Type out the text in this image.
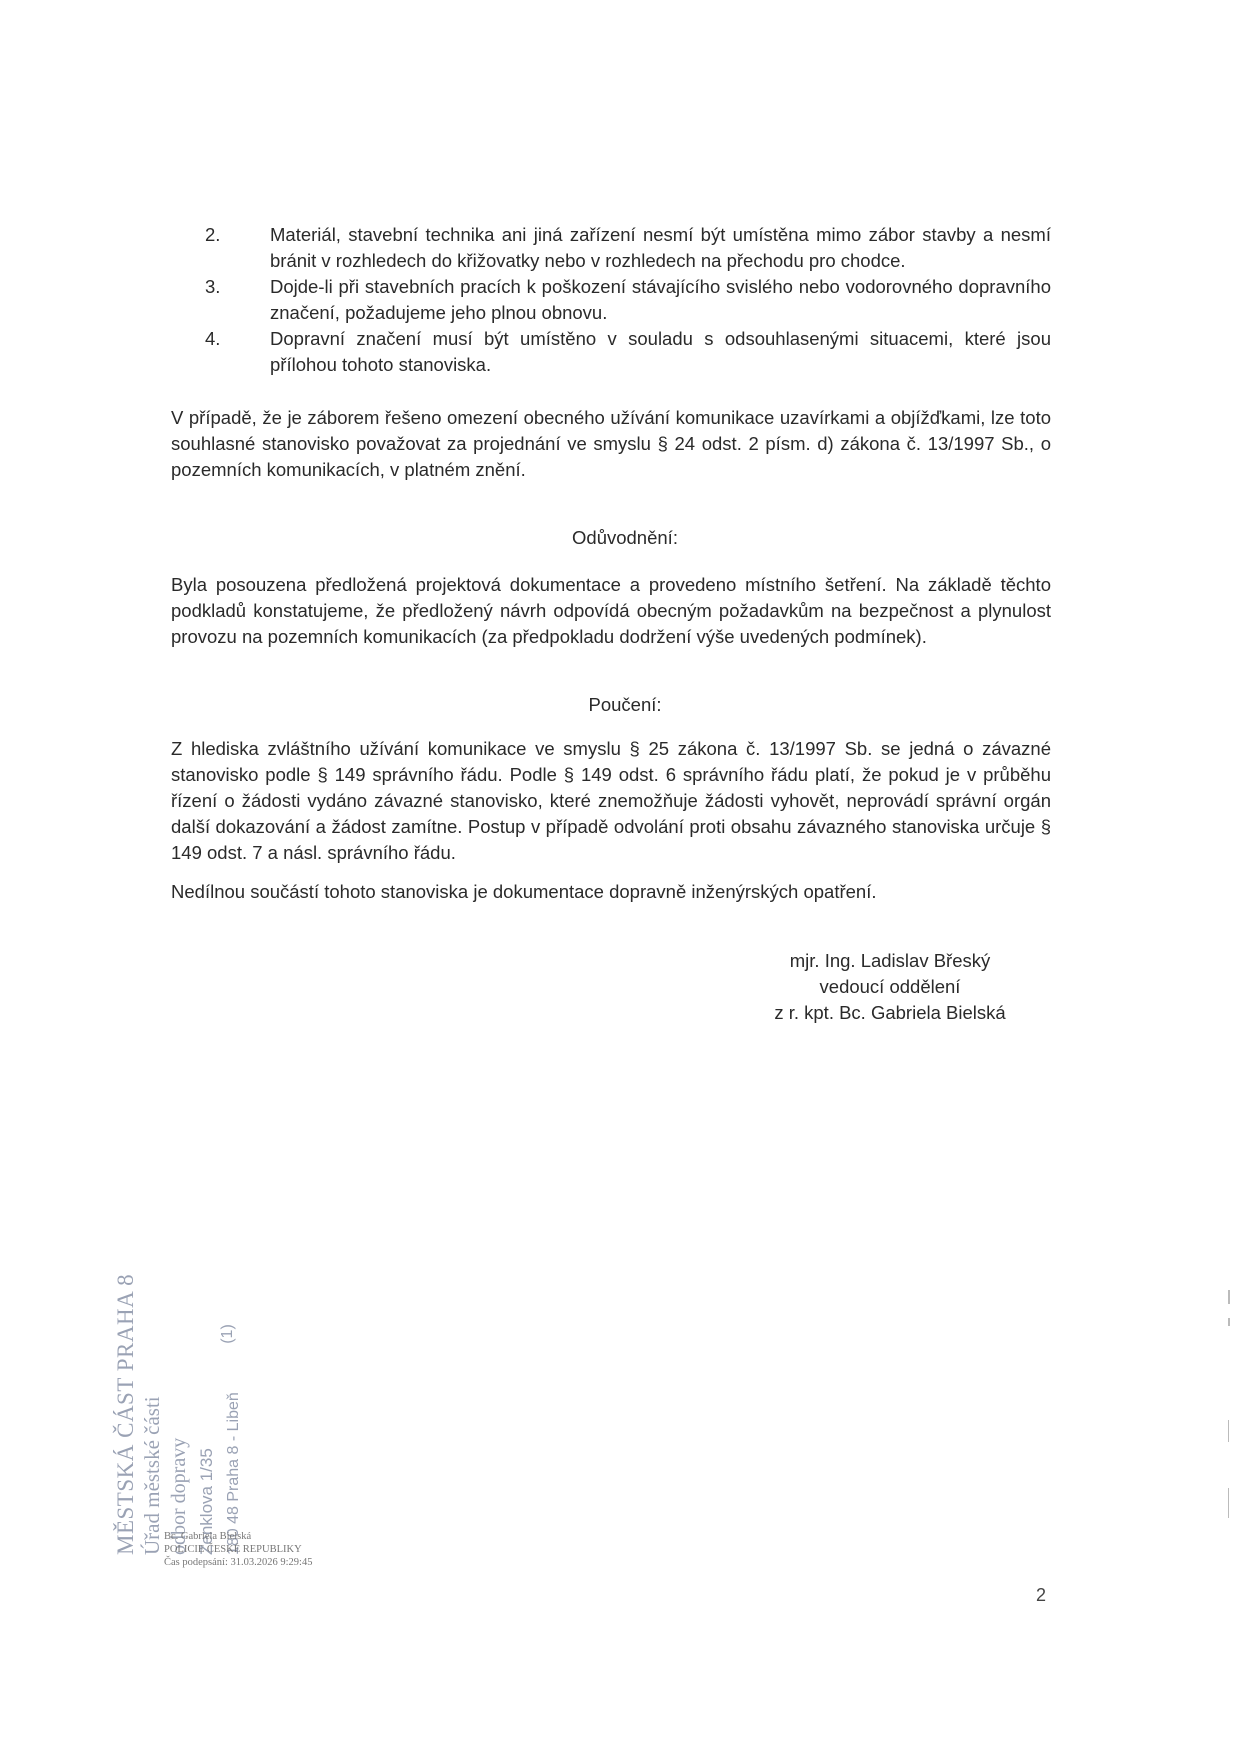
2.	Materiál, stavební technika ani jiná zařízení nesmí být umístěna mimo zábor stavby a nesmí bránit v rozhledech do křižovatky nebo v rozhledech na přechodu pro chodce.
3.	Dojde-li při stavebních pracích k poškození stávajícího svislého nebo vodorovného dopravního značení, požadujeme jeho plnou obnovu.
4.	Dopravní značení musí být umístěno v souladu s odsouhlasenými situacemi, které jsou přílohou tohoto stanoviska.

V případě, že je záborem řešeno omezení obecného užívání komunikace uzavírkami a objížďkami, lze toto souhlasné stanovisko považovat za projednání ve smyslu § 24 odst. 2 písm. d) zákona č. 13/1997 Sb., o pozemních komunikacích, v platném znění.

Odůvodnění:

Byla posouzena předložená projektová dokumentace a provedeno místního šetření. Na základě těchto podkladů konstatujeme, že předložený návrh odpovídá obecným požadavkům na bezpečnost a plynulost provozu na pozemních komunikacích (za předpokladu dodržení výše uvedených podmínek).

Poučení:

Z hlediska zvláštního užívání komunikace ve smyslu § 25 zákona č. 13/1997 Sb. se jedná o závazné stanovisko podle § 149 správního řádu. Podle § 149 odst. 6 správního řádu platí, že pokud je v průběhu řízení o žádosti vydáno závazné stanovisko, které znemožňuje žádosti vyhovět, neprovádí správní orgán další dokazování a žádost zamítne. Postup v případě odvolání proti obsahu závazného stanoviska určuje § 149 odst. 7 a násl. správního řádu.

Nedílnou součástí tohoto stanoviska je dokumentace dopravně inženýrských opatření.

mjr. Ing. Ladislav Břeský
vedoucí oddělení
z r. kpt. Bc. Gabriela Bielská
MĚSTSKÁ ČÁST PRAHA 8 Úřad městské části odbor dopravy Zenklova 1/35 180 48 Praha 8 - Libeň
(1)
Bc. Gabriela Bielská
POLICIE ČESKÉ REPUBLIKY
Čas podepsání: 31.03.2026 9:29:45
2
